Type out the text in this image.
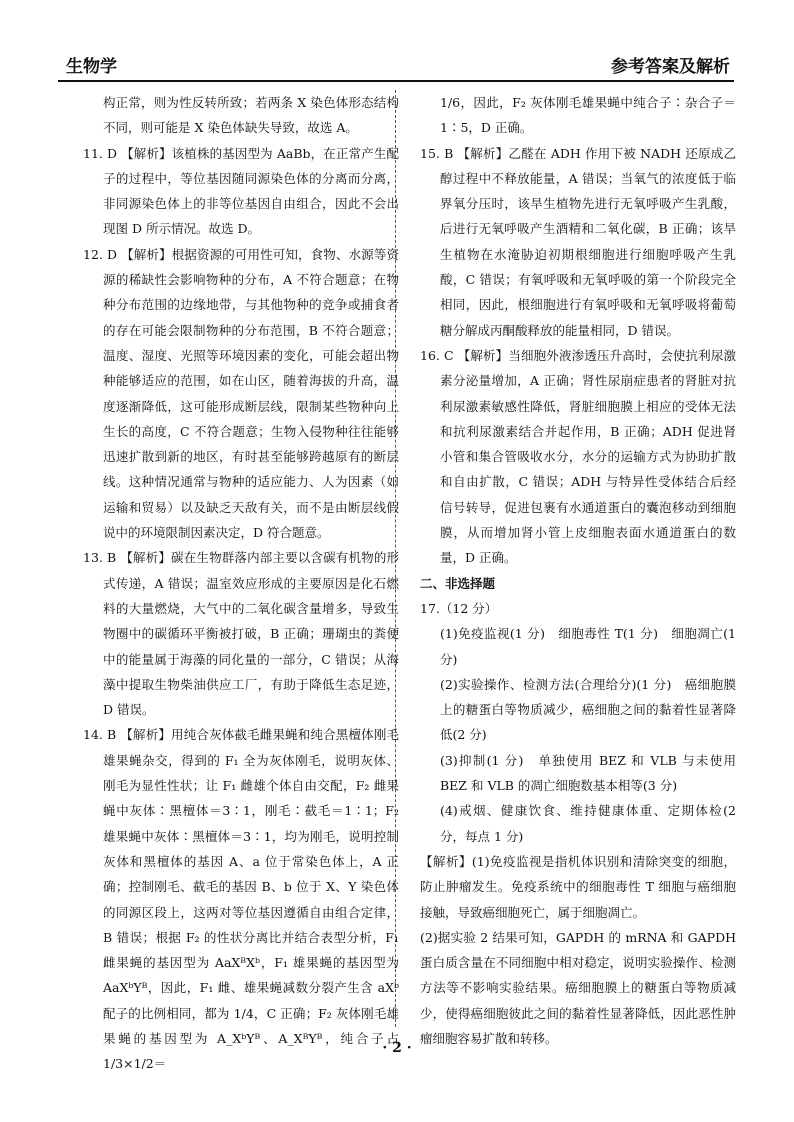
生物学	参考答案及解析

构正常，则为性反转所致；若两条 X 染色体形态结构不同，则可能是 X 染色体缺失导致，故选 A。

11. D 【解析】该植株的基因型为 AaBb，在正常产生配子的过程中，等位基因随同源染色体的分离而分离，非同源染色体上的非等位基因自由组合，因此不会出现图 D 所示情况。故选 D。

12. D 【解析】根据资源的可用性可知，食物、水源等资源的稀缺性会影响物种的分布，A 不符合题意；在物种分布范围的边缘地带，与其他物种的竞争或捕食者的存在可能会限制物种的分布范围，B 不符合题意；温度、湿度、光照等环境因素的变化，可能会超出物种能够适应的范围，如在山区，随着海拔的升高，温度逐渐降低，这可能形成断层线，限制某些物种向上生长的高度，C 不符合题意；生物入侵物种往往能够迅速扩散到新的地区，有时甚至能够跨越原有的断层线。这种情况通常与物种的适应能力、人为因素（如运输和贸易）以及缺乏天敌有关，而不是由断层线假说中的环境限制因素决定，D 符合题意。

13. B 【解析】碳在生物群落内部主要以含碳有机物的形式传递，A 错误；温室效应形成的主要原因是化石燃料的大量燃烧，大气中的二氧化碳含量增多，导致生物圈中的碳循环平衡被打破，B 正确；珊瑚虫的粪便中的能量属于海藻的同化量的一部分，C 错误；从海藻中提取生物柴油供应工厂，有助于降低生态足迹，D 错误。

14. B 【解析】用纯合灰体截毛雌果蝇和纯合黑檀体刚毛雄果蝇杂交，得到的 F₁ 全为灰体刚毛，说明灰体、刚毛为显性性状；让 F₁ 雌雄个体自由交配，F₂ 雌果蝇中灰体∶黑檀体＝3∶1，刚毛∶截毛＝1∶1；F₂ 雄果蝇中灰体∶黑檀体＝3∶1，均为刚毛，说明控制灰体和黑檀体的基因 A、a 位于常染色体上，A 正确；控制刚毛、截毛的基因 B、b 位于 X、Y 染色体的同源区段上，这两对等位基因遵循自由组合定律，B 错误；根据 F₂ 的性状分离比并结合表型分析，F₁ 雌果蝇的基因型为 AaXᴮXᵇ，F₁ 雄果蝇的基因型为 AaXᵇYᴮ，因此，F₁ 雌、雄果蝇减数分裂产生含 aXᵇ 配子的比例相同，都为 1/4，C 正确；F₂ 灰体刚毛雄果蝇的基因型为 A_XᵇYᴮ、A_XᴮYᴮ，纯合子占 1/3×1/2＝

1/6，因此，F₂ 灰体刚毛雄果蝇中纯合子∶杂合子＝1∶5，D 正确。

15. B 【解析】乙醛在 ADH 作用下被 NADH 还原成乙醇过程中不释放能量，A 错误；当氧气的浓度低于临界氧分压时，该旱生植物先进行无氧呼吸产生乳酸，后进行无氧呼吸产生酒精和二氧化碳，B 正确；该旱生植物在水淹胁迫初期根细胞进行细胞呼吸产生乳酸，C 错误；有氧呼吸和无氧呼吸的第一个阶段完全相同，因此，根细胞进行有氧呼吸和无氧呼吸将葡萄糖分解成丙酮酸释放的能量相同，D 错误。

16. C 【解析】当细胞外液渗透压升高时，会使抗利尿激素分泌量增加，A 正确；肾性尿崩症患者的肾脏对抗利尿激素敏感性降低，肾脏细胞膜上相应的受体无法和抗利尿激素结合并起作用，B 正确；ADH 促进肾小管和集合管吸收水分，水分的运输方式为协助扩散和自由扩散，C 错误；ADH 与特异性受体结合后经信号转导，促进包裹有水通道蛋白的囊泡移动到细胞膜，从而增加肾小管上皮细胞表面水通道蛋白的数量，D 正确。

二、非选择题

17.（12 分）

(1)免疫监视(1 分)　细胞毒性 T(1 分)　细胞凋亡(1 分)

(2)实验操作、检测方法(合理给分)(1 分)　癌细胞膜上的糖蛋白等物质减少，癌细胞之间的黏着性显著降低(2 分)

(3)抑制(1 分)　单独使用 BEZ 和 VLB 与未使用 BEZ 和 VLB 的凋亡细胞数基本相等(3 分)

(4)戒烟、健康饮食、维持健康体重、定期体检(2 分，每点 1 分)

【解析】(1)免疫监视是指机体识别和清除突变的细胞，防止肿瘤发生。免疫系统中的细胞毒性 T 细胞与癌细胞接触，导致癌细胞死亡，属于细胞凋亡。

(2)据实验 2 结果可知，GAPDH 的 mRNA 和 GAPDH 蛋白质含量在不同细胞中相对稳定，说明实验操作、检测方法等不影响实验结果。癌细胞膜上的糖蛋白等物质减少，使得癌细胞彼此之间的黏着性显著降低，因此恶性肿瘤细胞容易扩散和转移。

· 2 ·
